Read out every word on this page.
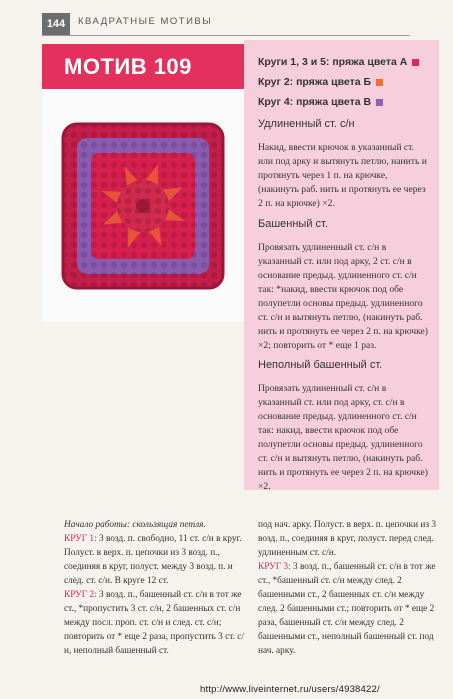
144	КВАДРАТНЫЕ МОТИВЫ
МОТИВ 109	Круги 1, 3 и 5: пряжа цвета А
Круг 2: пряжа цвета Б
Круг 4: пряжа цвета В
Удлиненный ст. с/н

Накид, ввести крючок в указанный ст. или под арку и вытянуть петлю, нанить и протянуть через 1 п. на крючке, (накинуть раб. нить и протянуть ее через 2 п. на крючке) ×2.

Башенный ст.

Провязать удлиненный ст. с/н в указанный ст. или под арку, 2 ст. с/н в основание предыд. удлиненного ст. с/н так: *накид, ввести крючок под обе полупетли основы предыд. удлиненного ст. с/н и вытянуть петлю, (накинуть раб. нить и протянуть ее через 2 п. на крючке) ×2; повторить от * еще 1 раз.

Неполный башенный ст.

Провязать удлиненный ст. с/н в указанный ст. или под арку, ст. с/н в основание предыд. удлиненного ст. с/н так: накид, ввести крючок под обе полупетли основы предыд. удлиненного ст. с/н и вытянуть петлю, (накинуть раб. нить и протянуть ее через 2 п. на крючке) ×2.

Начало работы: скользящая петля.

КРУГ 1: 3 возд. п. свободно, 11 ст. с/н в круг. Полуст. в верх. п. цепочки из 3 возд. п., соединяя в круг, полуст. между 3 возд. п. и след. ст. с/н. В круге 12 ст.

КРУГ 2: 3 возд. п., башенный ст. с/н в тот же ст., *пропустить 3 ст. с/н, 2 башенных ст. с/н между посл. проп. ст. с/н и след. ст. с/н; повторить от * еще 2 раза, пропустить 3 ст. с/н, неполный башенный ст.

под нач. арку. Полуст. в верх. п. цепочки из 3 возд. п., соединяя в круг, полуст. перед след. удлиненным ст. с/н.

КРУГ 3: 3 возд. п., башенный ст. с/н в тот же ст., *башенный ст. с/н между след. 2 башенными ст., 2 башенных ст. с/н между след. 2 башенными ст.; повторить от * еще 2 раза, башенный ст. с/н между след. 2 башенными ст., неполный башенный ст. под нач. арку.

http://www.liveinternet.ru/users/4938422/
